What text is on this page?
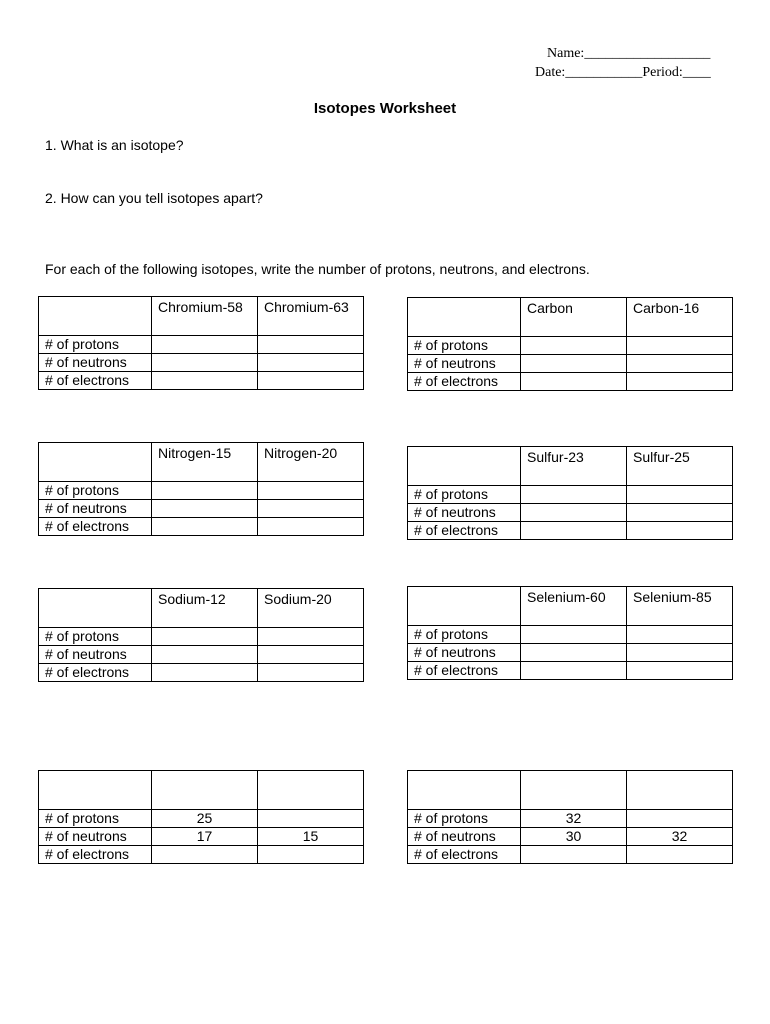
Name:__________________
Date:___________Period:____
Isotopes Worksheet
1. What is an isotope?
2. How can you tell isotopes apart?
For each of the following isotopes, write the number of protons, neutrons, and electrons.
	Chromium-58	Chromium-63
# of protons		
# of neutrons		
# of electrons		
	Carbon	Carbon-16
# of protons		
# of neutrons		
# of electrons		
	Nitrogen-15	Nitrogen-20
# of protons		
# of neutrons		
# of electrons		
	Sulfur-23	Sulfur-25
# of protons		
# of neutrons		
# of electrons		
	Sodium-12	Sodium-20
# of protons		
# of neutrons		
# of electrons		
	Selenium-60	Selenium-85
# of protons		
# of neutrons		
# of electrons		

# of protons	25	
# of neutrons	17	15
# of electrons		

# of protons	32	
# of neutrons	30	32
# of electrons		
